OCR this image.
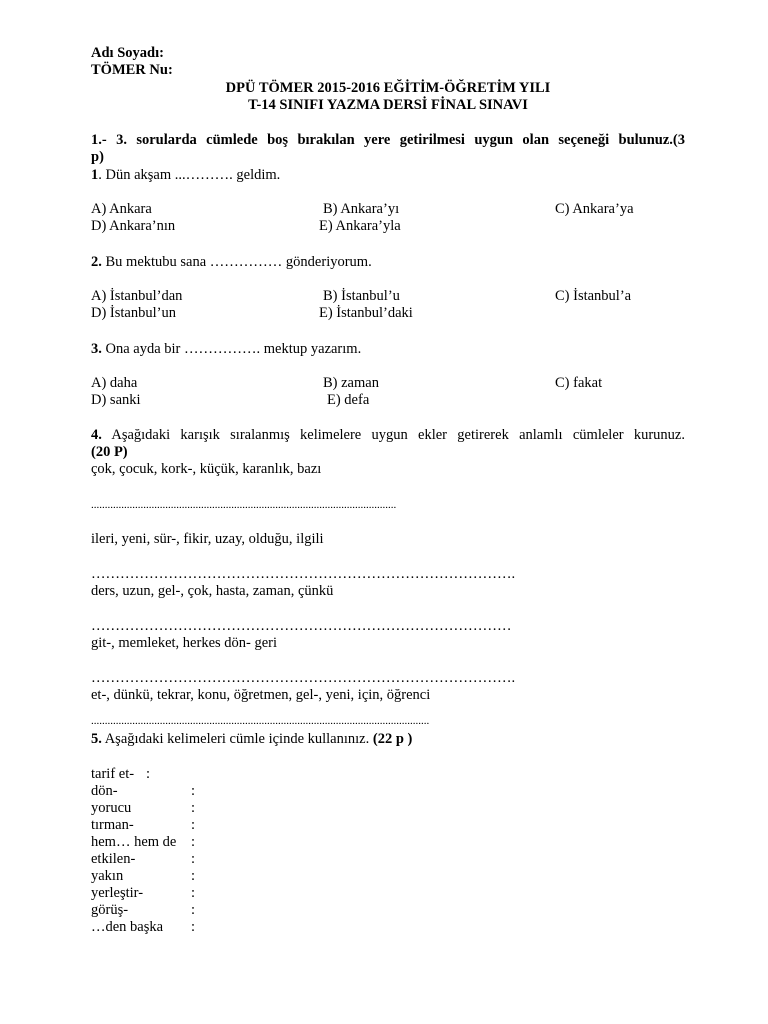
Adı Soyadı:
TÖMER Nu:
DPÜ TÖMER 2015-2016 EĞİTİM-ÖĞRETİM YILI
T-14 SINIFI YAZMA DERSİ FİNAL SINAVI
1.- 3. sorularda cümlede boş bırakılan yere getirilmesi uygun olan seçeneği bulunuz.(3
p)
1. Dün akşam ...………. geldim.
A) Ankara	B) Ankara’yı	C) Ankara’ya
D) Ankara’nın	E) Ankara’yla
2. Bu mektubu sana …………… gönderiyorum.
A) İstanbul’dan	B) İstanbul’u	C) İstanbul’a
D) İstanbul’un	E) İstanbul’daki
3. Ona ayda bir ……………. mektup yazarım.
A) daha	B) zaman	C) fakat
D) sanki	E) defa
4. Aşağıdaki karışık sıralanmış kelimelere uygun ekler getirerek anlamlı cümleler kurunuz.
(20 P)
çok, çocuk, kork-, küçük, karanlık, bazı
...............................................................................................................
ileri, yeni, sür-, fikir, uzay, olduğu, ilgili
…………………………………………………………………………….
ders, uzun, gel-, çok, hasta, zaman, çünkü
……………………………………………………………………………
git-, memleket, herkes dön- geri
…………………………………………………………………………….
et-, dünkü, tekrar, konu, öğretmen, gel-, yeni, için, öğrenci
...........................................................................................................................
5. Aşağıdaki kelimeleri cümle içinde kullanınız. (22 p )
tarif et- :
dön-	:
yorucu	:
tırman-	:
hem… hem de :
etkilen-	:
yakın	:
yerleştir-	:
görüş-	:
…den başka :
